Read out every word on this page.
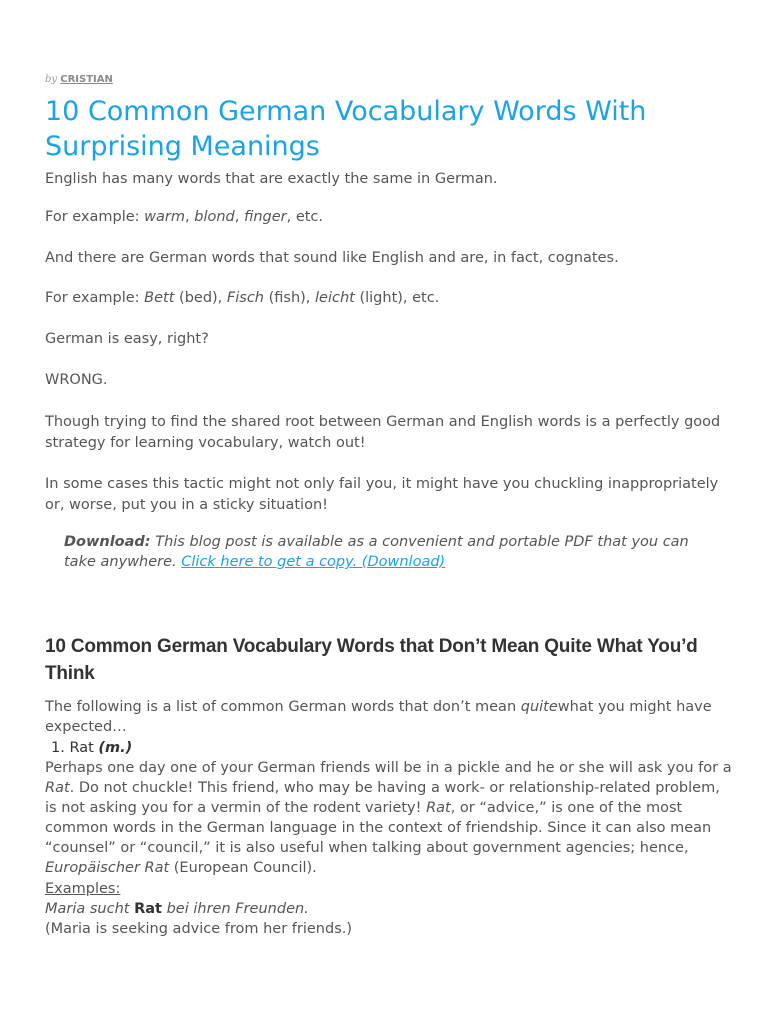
by CRISTIAN
10 Common German Vocabulary Words With Surprising Meanings

English has many words that are exactly the same in German.

For example: warm, blond, finger, etc.

And there are German words that sound like English and are, in fact, cognates.

For example: Bett (bed), Fisch (fish), leicht (light), etc.

German is easy, right?

WRONG.

Though trying to find the shared root between German and English words is a perfectly good strategy for learning vocabulary, watch out!

In some cases this tactic might not only fail you, it might have you chuckling inappropriately or, worse, put you in a sticky situation!

Download: This blog post is available as a convenient and portable PDF that you can take anywhere. Click here to get a copy. (Download)
10 Common German Vocabulary Words that Don’t Mean Quite What You’d Think

The following is a list of common German words that don’t mean quitewhat you might have expected…

1. Rat (m.)

Perhaps one day one of your German friends will be in a pickle and he or she will ask you for a Rat. Do not chuckle! This friend, who may be having a work- or relationship-related problem, is not asking you for a vermin of the rodent variety! Rat, or “advice,” is one of the most common words in the German language in the context of friendship. Since it can also mean “counsel” or “council,” it is also useful when talking about government agencies; hence, Europäischer Rat (European Council).

Examples:

Maria sucht Rat bei ihren Freunden.

(Maria is seeking advice from her friends.)
